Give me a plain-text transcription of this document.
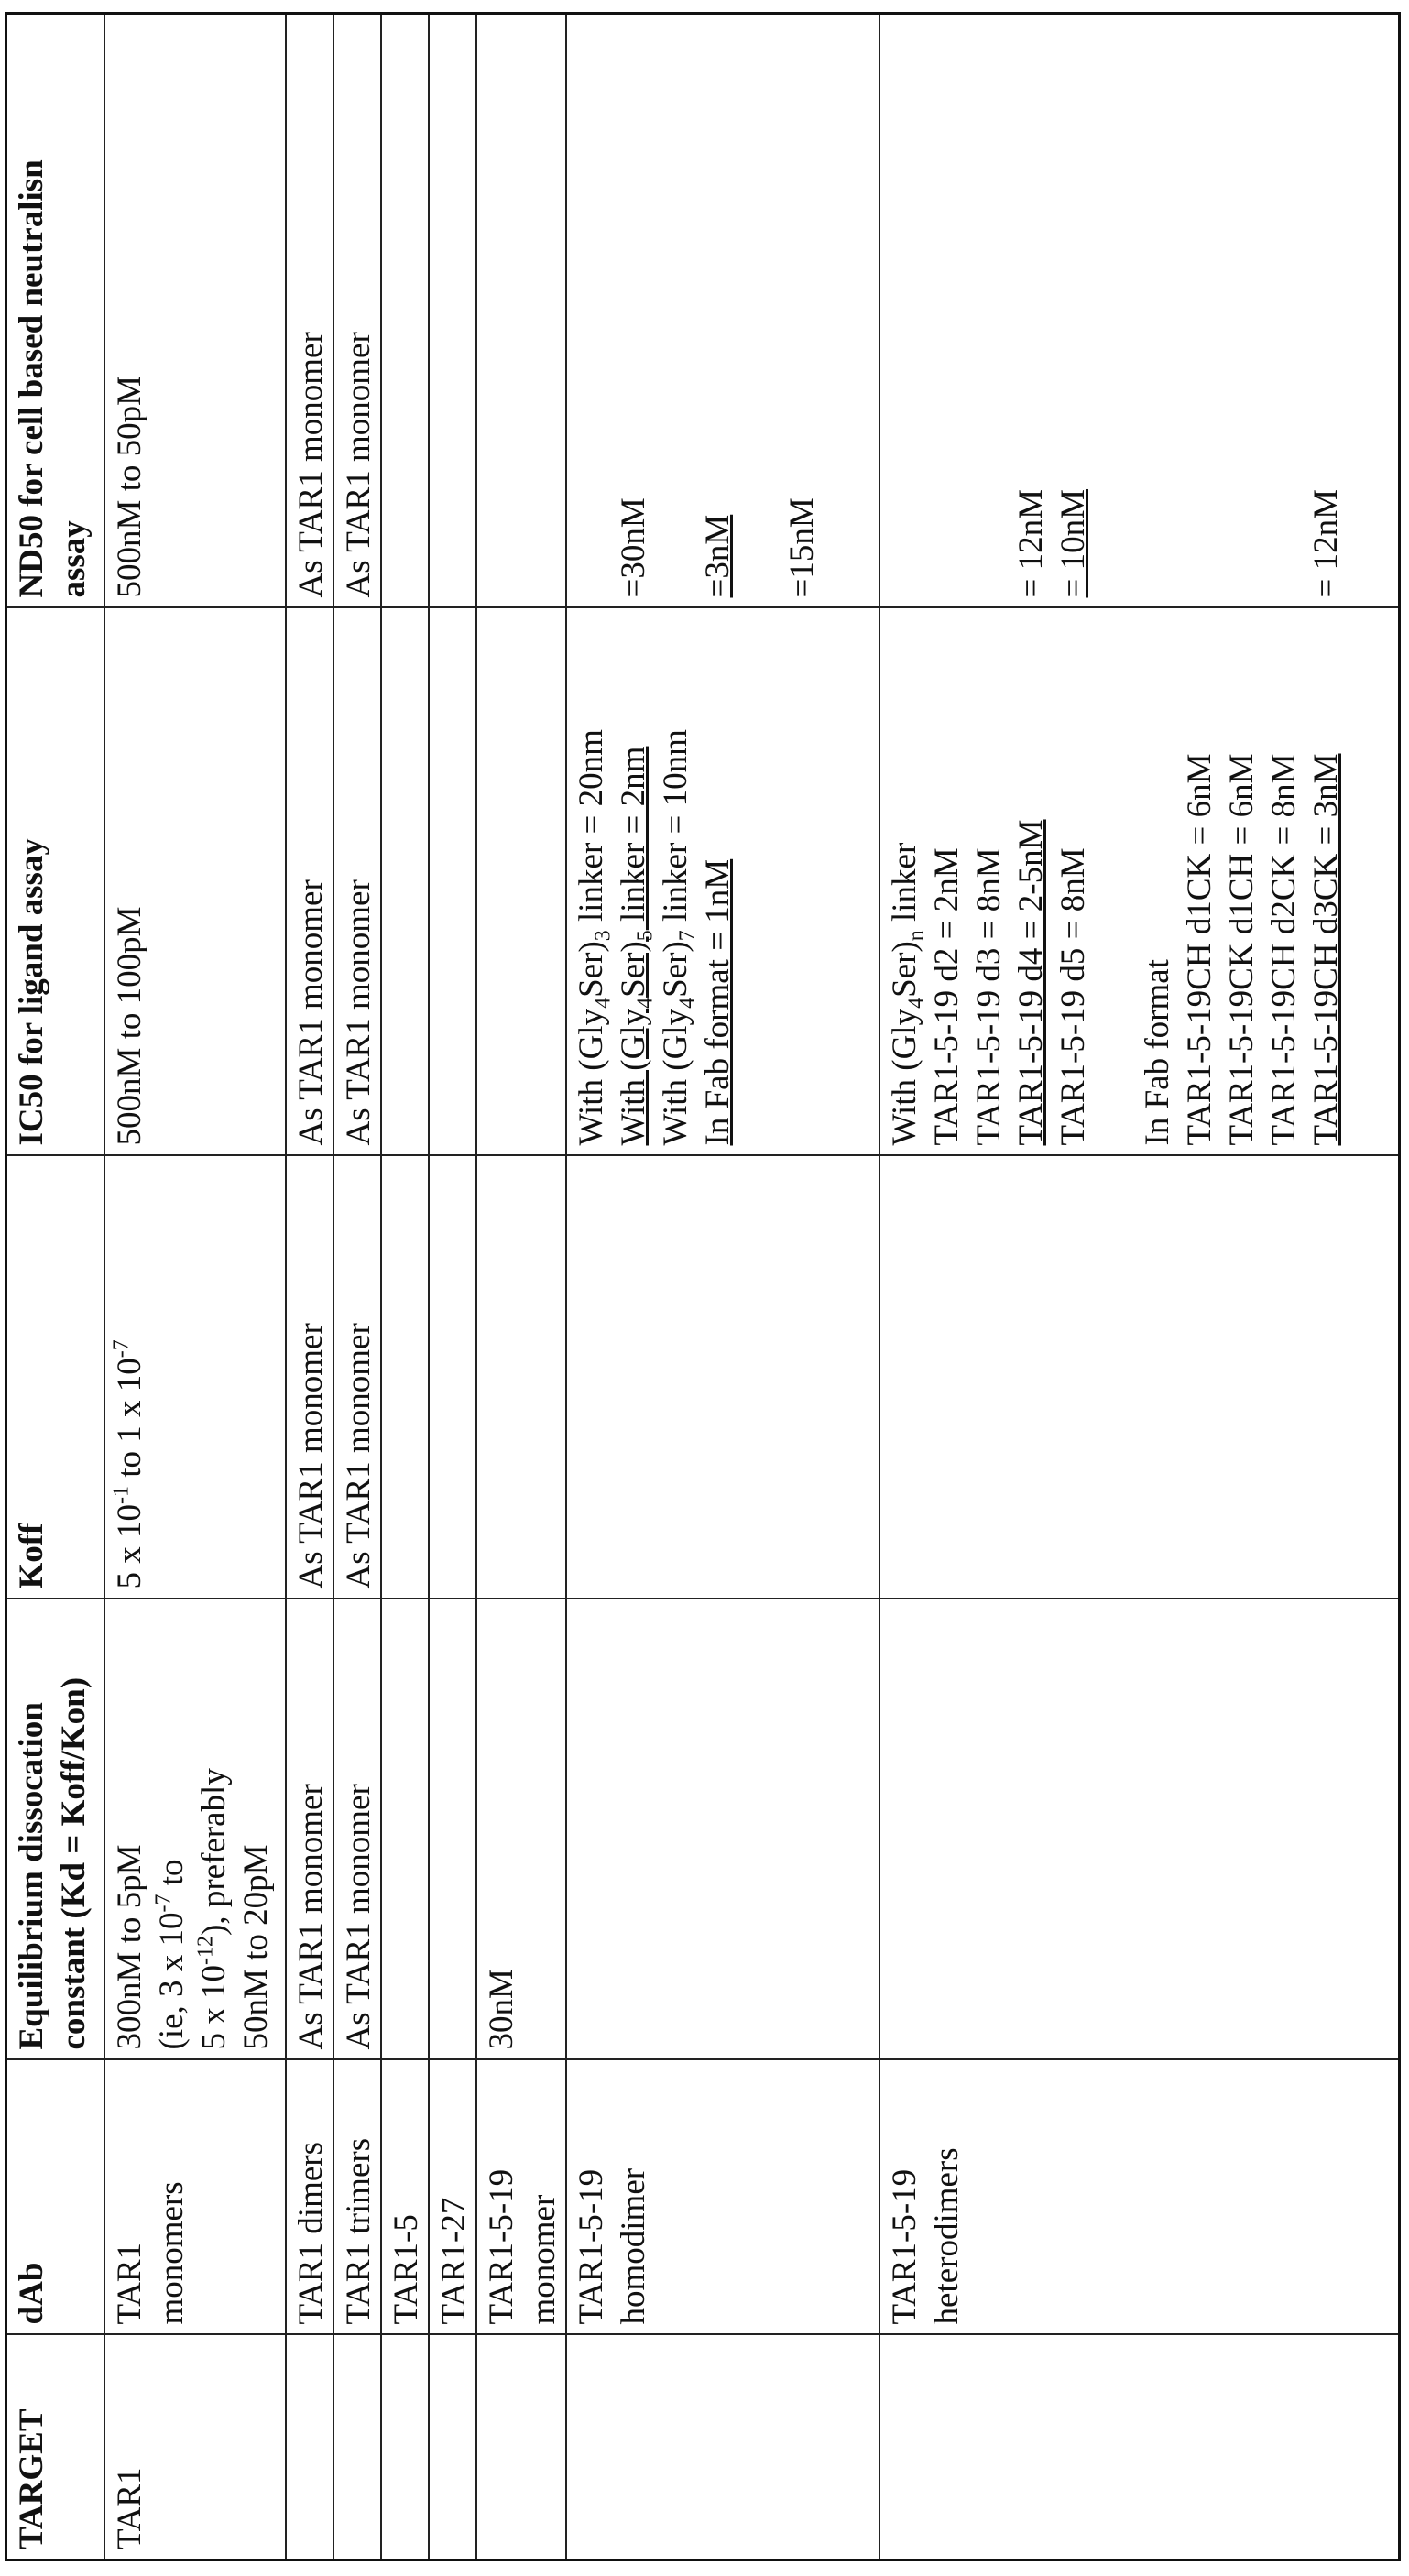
TARGET

dAb

Equilibrium dissocation constant (Kd = Koff/Kon)

Koff

IC50 for ligand assay

ND50 for cell based neutralisn assay

TAR1

TAR1 monomers

300nM to 5pM (ie, 3 x 10-7 to
5 x 10-12), preferably 50nM to 20pM

5 x 10-1 to 1 x 10-7

500nM to 100pM

500nM to 50pM

TAR1 dimers

As TAR1 monomer

As TAR1 monomer

As TAR1 monomer

As TAR1 monomer

TAR1 trimers

As TAR1 monomer

As TAR1 monomer

As TAR1 monomer

As TAR1 monomer

TAR1-5					TAR1-27					TAR1-5-19 monomer

30nM

TAR1-5-19 homodimer

With (Gly4Ser)3 linker = 20nm
With (Gly4Ser)5 linker = 2nm
With (Gly4Ser)7 linker = 10nm
In Fab format = 1nM

=30nM =3nM =15nM

TAR1-5-19 heterodimers

With (Gly4Ser)n linker TAR1-5-19 d2 = 2nM TAR1-5-19 d3 = 8nM TAR1-5-19 d4 = 2-5nM TAR1-5-19 d5 = 8nM In Fab format TAR1-5-19CH d1CK = 6nM TAR1-5-19CK d1CH = 6nM TAR1-5-19CH d2CK = 8nM TAR1-5-19CH d3CK = 3nM

= 12nM = 10nM	= 12nM
